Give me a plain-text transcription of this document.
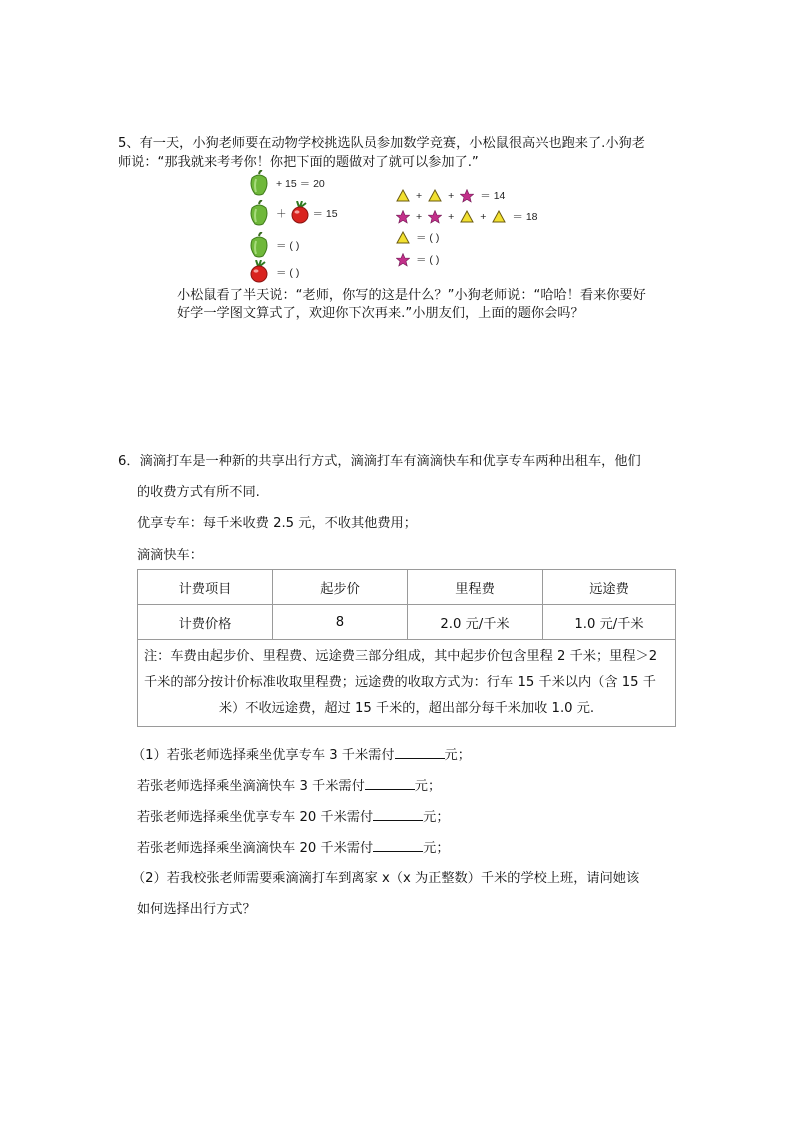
5、有一天，小狗老师要在动物学校挑选队员参加数学竞赛，小松鼠很高兴也跑来了.小狗老
师说：“那我就来考考你！你把下面的题做对了就可以参加了.”
+ 15 ＝ 20
＋ ＝ 15
＝ ( )
＝ ( )
+ + ＝ 14
+ + + ＝ 18
＝ ( )
＝ ( )
小松鼠看了半天说：“老师，你写的这是什么？”小狗老师说：“哈哈！看来你要好
好学一学图文算式了，欢迎你下次再来.”小朋友们，上面的题你会吗？
6．滴滴打车是一种新的共享出行方式，滴滴打车有滴滴快车和优享专车两种出租车，他们
的收费方式有所不同.
优享专车：每千米收费 2.5 元，不收其他费用；
滴滴快车：
计费项目	起步价	里程费	远途费
计费价格	8	2.0 元/千米	1.0 元/千米

注：车费由起步价、里程费、远途费三部分组成，其中起步价包含里程 2 千米；里程＞2
千米的部分按计价标准收取里程费；远途费的收取方式为：行车 15 千米以内（含 15 千
米）不收远途费，超过 15 千米的，超出部分每千米加收 1.0 元.			
（1）若张老师选择乘坐优享专车 3 千米需付	元；
若张老师选择乘坐滴滴快车 3 千米需付	元；
若张老师选择乘坐优享专车 20 千米需付	元；
若张老师选择乘坐滴滴快车 20 千米需付	元；
（2）若我校张老师需要乘滴滴打车到离家 x（x 为正整数）千米的学校上班，请问她该
如何选择出行方式？
